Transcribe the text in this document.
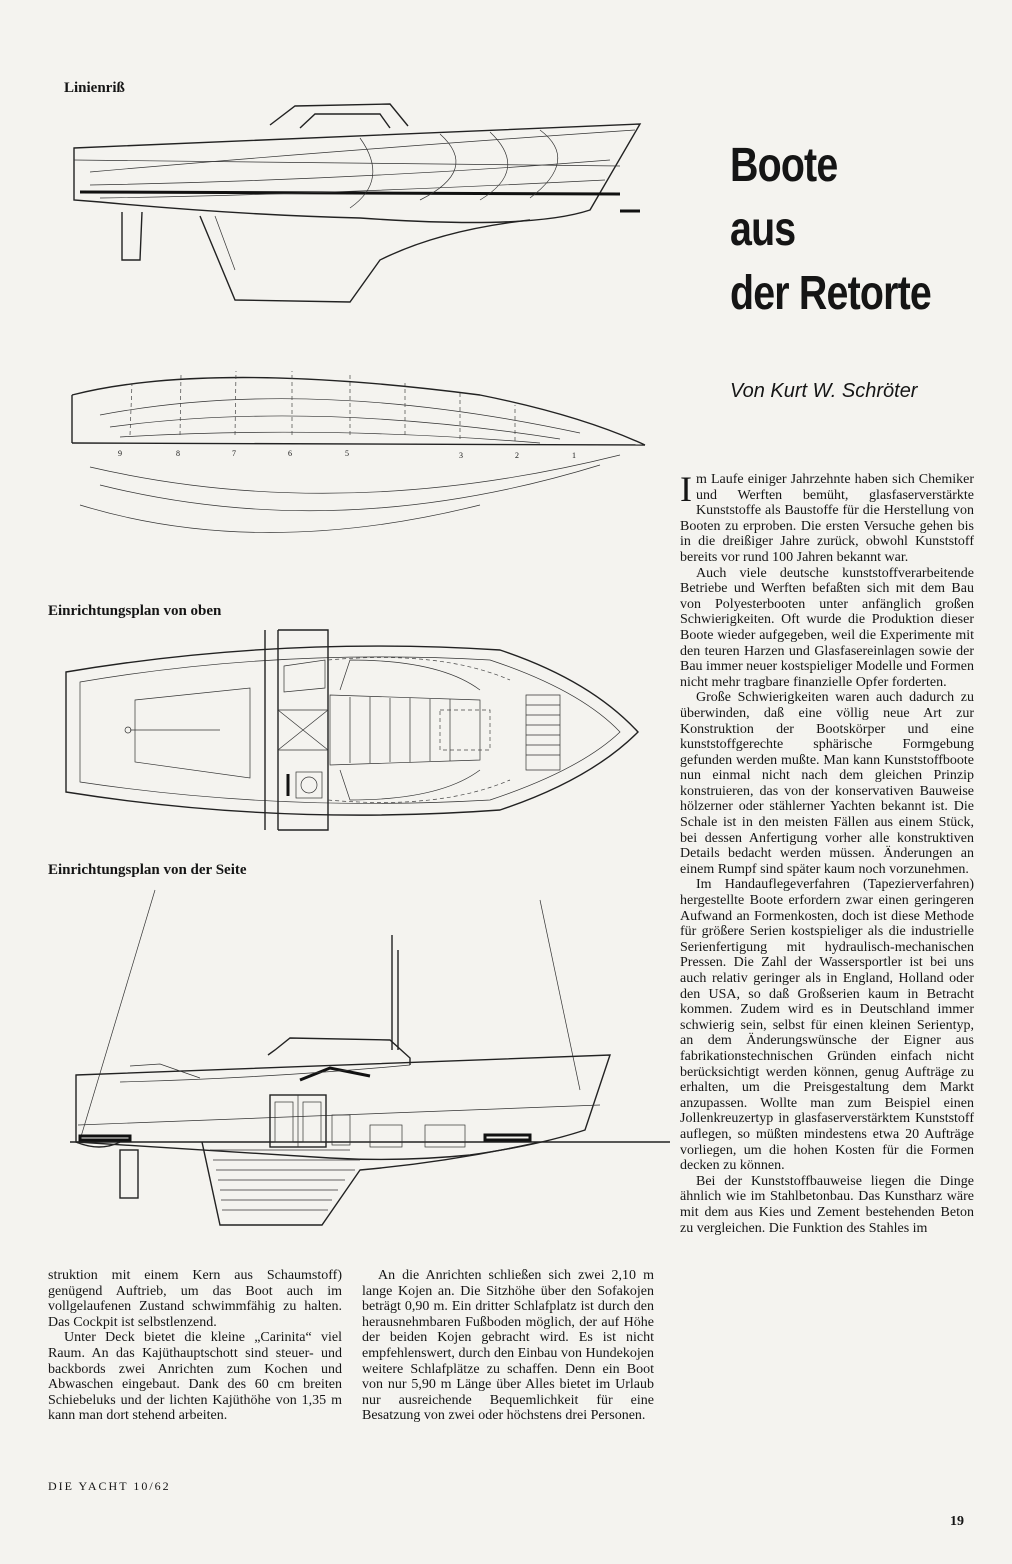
Linienriß
Einrichtungsplan von oben
Einrichtungsplan von der Seite
Boote
aus
der Retorte
Von Kurt W. Schröter
9	8	7	6	5	3	2	1

Im Laufe einiger Jahrzehnte haben sich Chemiker und Werften bemüht, glasfaserverstärkte Kunststoffe als Baustoffe für die Herstellung von Booten zu erproben. Die ersten Versuche gehen bis in die dreißiger Jahre zurück, obwohl Kunststoff bereits vor rund 100 Jahren bekannt war.

Auch viele deutsche kunststoffverarbeitende Betriebe und Werften befaßten sich mit dem Bau von Polyesterbooten unter anfänglich großen Schwierigkeiten. Oft wurde die Produktion dieser Boote wieder aufgegeben, weil die Experimente mit den teuren Harzen und Glasfasereinlagen sowie der Bau immer neuer kostspieliger Modelle und Formen nicht mehr tragbare finanzielle Opfer forderten.

Große Schwierigkeiten waren auch dadurch zu überwinden, daß eine völlig neue Art zur Konstruktion der Bootskörper und eine kunststoffgerechte sphärische Formgebung gefunden werden mußte. Man kann Kunststoffboote nun einmal nicht nach dem gleichen Prinzip konstruieren, das von der konservativen Bauweise hölzerner oder stählerner Yachten bekannt ist. Die Schale ist in den meisten Fällen aus einem Stück, bei dessen Anfertigung vorher alle konstruktiven Details bedacht werden müssen. Änderungen an einem Rumpf sind später kaum noch vorzunehmen.

Im Handauflegeverfahren (Tapezierverfahren) hergestellte Boote erfordern zwar einen geringeren Aufwand an Formenkosten, doch ist diese Methode für größere Serien kostspieliger als die industrielle Serienfertigung mit hydraulisch-mechanischen Pressen. Die Zahl der Wassersportler ist bei uns auch relativ geringer als in England, Holland oder den USA, so daß Großserien kaum in Betracht kommen. Zudem wird es in Deutschland immer schwierig sein, selbst für einen kleinen Serientyp, an dem Änderungswünsche der Eigner aus fabrikationstechnischen Gründen einfach nicht berücksichtigt werden können, genug Aufträge zu erhalten, um die Preisgestaltung dem Markt anzupassen. Wollte man zum Beispiel einen Jollenkreuzertyp in glasfaserverstärktem Kunststoff auflegen, so müßten mindestens etwa 20 Aufträge vorliegen, um die hohen Kosten für die Formen decken zu können.

Bei der Kunststoffbauweise liegen die Dinge ähnlich wie im Stahlbetonbau. Das Kunstharz wäre mit dem aus Kies und Zement bestehenden Beton zu vergleichen. Die Funktion des Stahles im

struktion mit einem Kern aus Schaumstoff) genügend Auftrieb, um das Boot auch im vollgelaufenen Zustand schwimmfähig zu halten. Das Cockpit ist selbstlenzend.

Unter Deck bietet die kleine „Carinita“ viel Raum. An das Kajüthauptschott sind steuer- und backbords zwei Anrichten zum Kochen und Abwaschen eingebaut. Dank des 60 cm breiten Schiebeluks und der lichten Kajüthöhe von 1,35 m kann man dort stehend arbeiten.

An die Anrichten schließen sich zwei 2,10 m lange Kojen an. Die Sitzhöhe über den Sofakojen beträgt 0,90 m. Ein dritter Schlafplatz ist durch den herausnehmbaren Fußboden möglich, der auf Höhe der beiden Kojen gebracht wird. Es ist nicht empfehlenswert, durch den Einbau von Hundekojen weitere Schlafplätze zu schaffen. Denn ein Boot von nur 5,90 m Länge über Alles bietet im Urlaub nur ausreichende Bequemlichkeit für eine Besatzung von zwei oder höchstens drei Personen.

DIE YACHT 10/62
19
